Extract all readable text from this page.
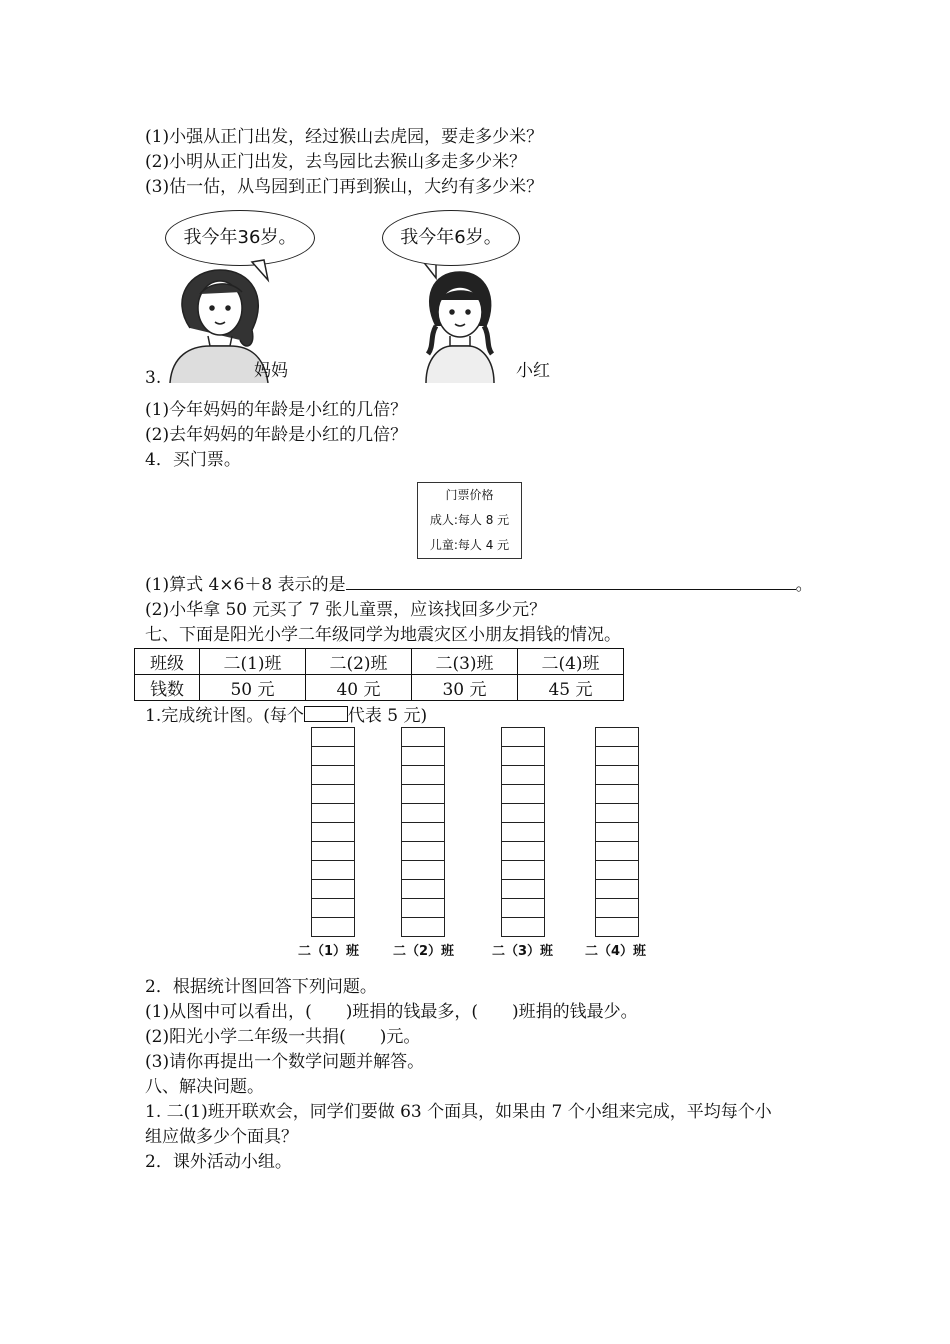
(1)小强从正门出发，经过猴山去虎园，要走多少米？
(2)小明从正门出发，去鸟园比去猴山多走多少米？
(3)估一估，从鸟园到正门再到猴山，大约有多少米？
3.
我今年36岁。	我今年6岁。
妈妈	小红
(1)今年妈妈的年龄是小红的几倍？
(2)去年妈妈的年龄是小红的几倍？
4．买门票。
门票价格
成人:每人 8 元
儿童:每人 4 元
(1)算式 4×6＋8 表示的是	。
(2)小华拿 50 元买了 7 张儿童票，应该找回多少元？
七、下面是阳光小学二年级同学为地震灾区小朋友捐钱的情况。
班级	二(1)班	二(2)班	二(3)班	二(4)班
钱数	50 元	40 元	30 元	45 元
1.完成统计图。(每个	代表 5 元)
二（1）班	二（2）班	二（3）班 二（4）班
2．根据统计图回答下列问题。
(1)从图中可以看出，(　　)班捐的钱最多，(　　)班捐的钱最少。
(2)阳光小学二年级一共捐(　　)元。
(3)请你再提出一个数学问题并解答。
八、解决问题。
1. 二(1)班开联欢会，同学们要做 63 个面具，如果由 7 个小组来完成，平均每个小
组应做多少个面具？
2．课外活动小组。
